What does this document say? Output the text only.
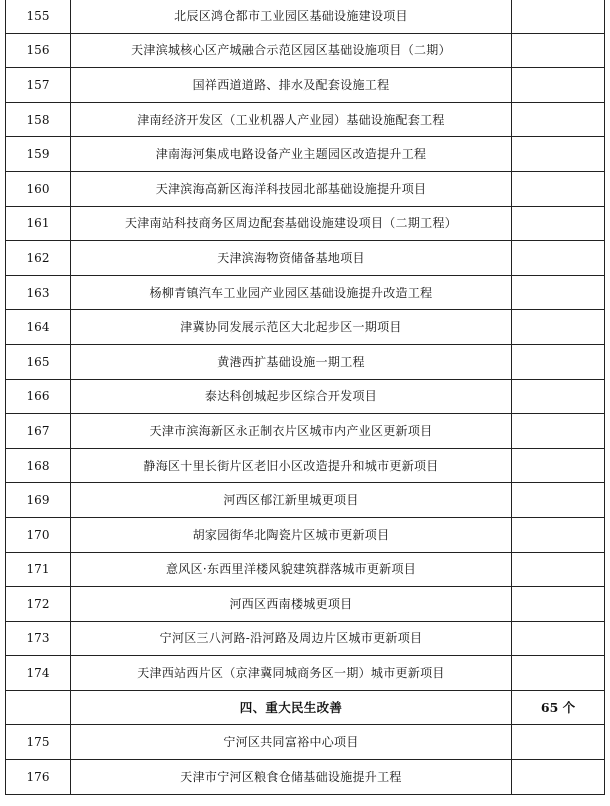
155	北辰区鸿仓都市工业园区基础设施建设项目	
156	天津滨城核心区产城融合示范区园区基础设施项目（二期）	
157	国祥西道道路、排水及配套设施工程	
158	津南经济开发区（工业机器人产业园）基础设施配套工程	
159	津南海河集成电路设备产业主题园区改造提升工程	
160	天津滨海高新区海洋科技园北部基础设施提升项目	
161	天津南站科技商务区周边配套基础设施建设项目（二期工程）	
162	天津滨海物资储备基地项目	
163	杨柳青镇汽车工业园产业园区基础设施提升改造工程	
164	津冀协同发展示范区大北起步区一期项目	
165	黄港西扩基础设施一期工程	
166	泰达科创城起步区综合开发项目	
167	天津市滨海新区永正制衣片区城市内产业区更新项目	
168	静海区十里长街片区老旧小区改造提升和城市更新项目	
169	河西区郁江新里城更项目	
170	胡家园街华北陶瓷片区城市更新项目	
171	意风区·东西里洋楼风貌建筑群落城市更新项目	
172	河西区西南楼城更项目	
173	宁河区三八河路-沿河路及周边片区城市更新项目	
174	天津西站西片区（京津冀同城商务区一期）城市更新项目	
	四、重大民生改善	65 个
175	宁河区共同富裕中心项目	
176	天津市宁河区粮食仓储基础设施提升工程	
